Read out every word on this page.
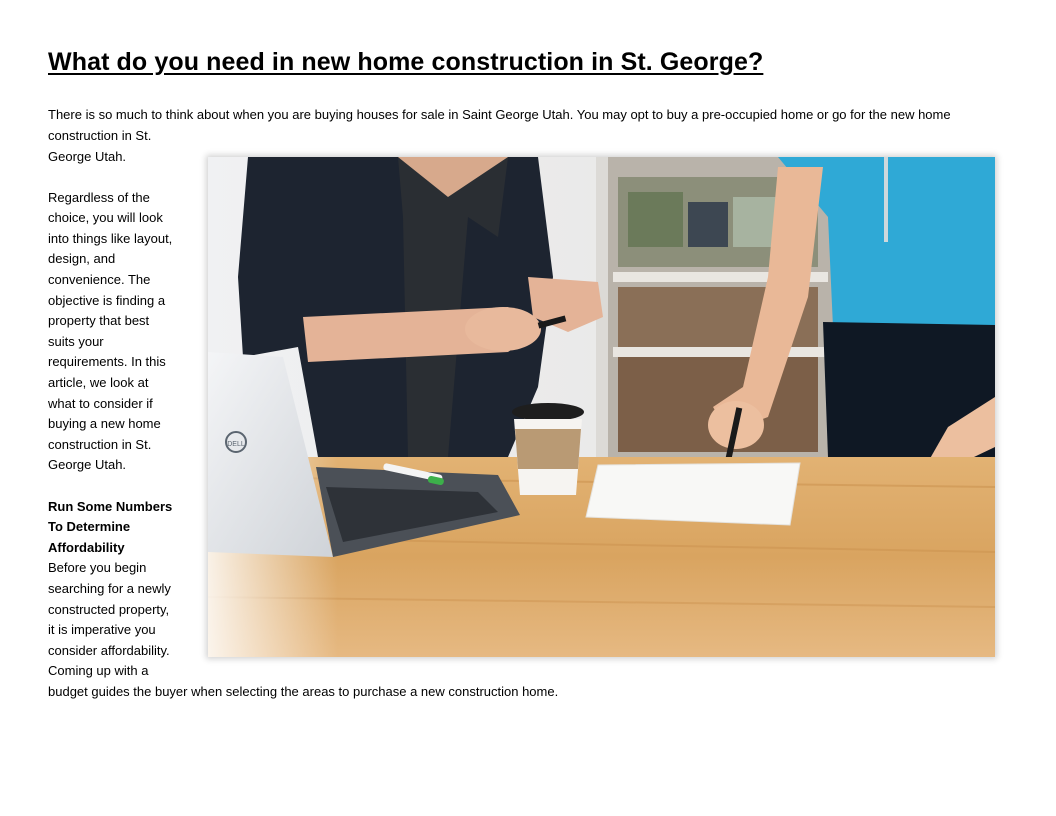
What do you need in new home construction in St. George?
There is so much to think about when you are buying houses for sale in Saint George Utah. You may opt to buy a pre-occupied home or go for the new home
construction in St.
George Utah.
Regardless of the
choice, you will look
into things like layout,
design, and
convenience. The
objective is finding a
property that best
suits your
requirements. In this
article, we look at
what to consider if
buying a new home
construction in St.
George Utah.
Run Some Numbers
To Determine
Affordability
Before you begin
searching for a newly
constructed property,
it is imperative you
consider affordability.
Coming up with a
budget guides the buyer when selecting the areas to purchase a new construction home.
DELL
